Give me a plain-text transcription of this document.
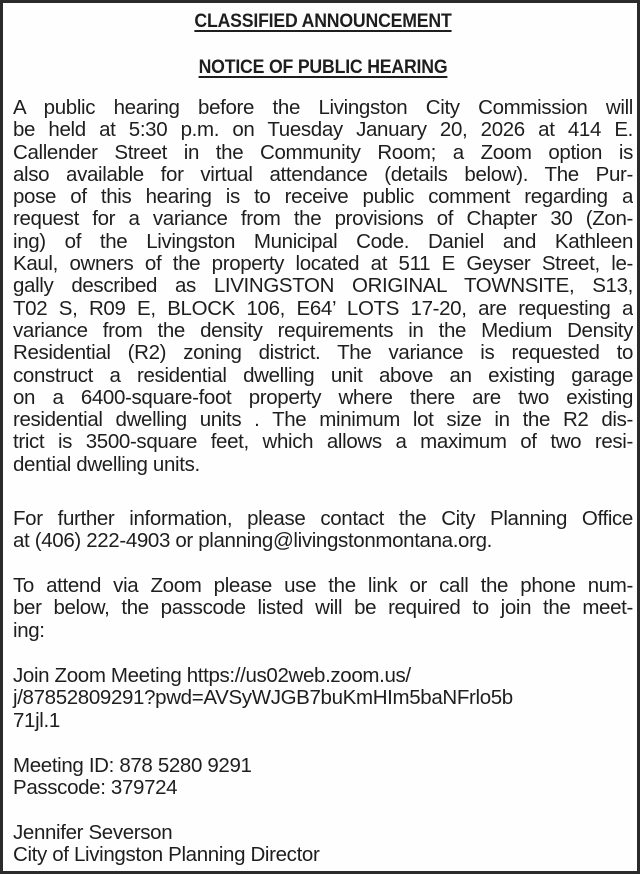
CLASSIFIED ANNOUNCEMENT
NOTICE OF PUBLIC HEARING
A public hearing before the Livingston City Commission will
be held at 5:30 p.m. on Tuesday January 20, 2026 at 414 E.
Callender Street in the Community Room; a Zoom option is
also available for virtual attendance (details below). The Pur-
pose of this hearing is to receive public comment regarding a
request for a variance from the provisions of Chapter 30 (Zon-
ing) of the Livingston Municipal Code. Daniel and Kathleen
Kaul, owners of the property located at 511 E Geyser Street, le-
gally described as LIVINGSTON ORIGINAL TOWNSITE, S13,
T02 S, R09 E, BLOCK 106, E64’ LOTS 17-20, are requesting a
variance from the density requirements in the Medium Density
Residential (R2) zoning district. The variance is requested to
construct a residential dwelling unit above an existing garage
on a 6400-square-foot property where there are two existing
residential dwelling units . The minimum lot size in the R2 dis-
trict is 3500-square feet, which allows a maximum of two resi-
dential dwelling units.
For further information, please contact the City Planning Office
at (406) 222-4903 or planning@livingstonmontana.org.
To attend via Zoom please use the link or call the phone num-
ber below, the passcode listed will be required to join the meet-
ing:
Join Zoom Meeting https://us02web.zoom.us/
j/87852809291?pwd=AVSyWJGB7buKmHIm5baNFrlo5b
71jl.1
Meeting ID: 878 5280 9291
Passcode: 379724
Jennifer Severson
City of Livingston Planning Director
